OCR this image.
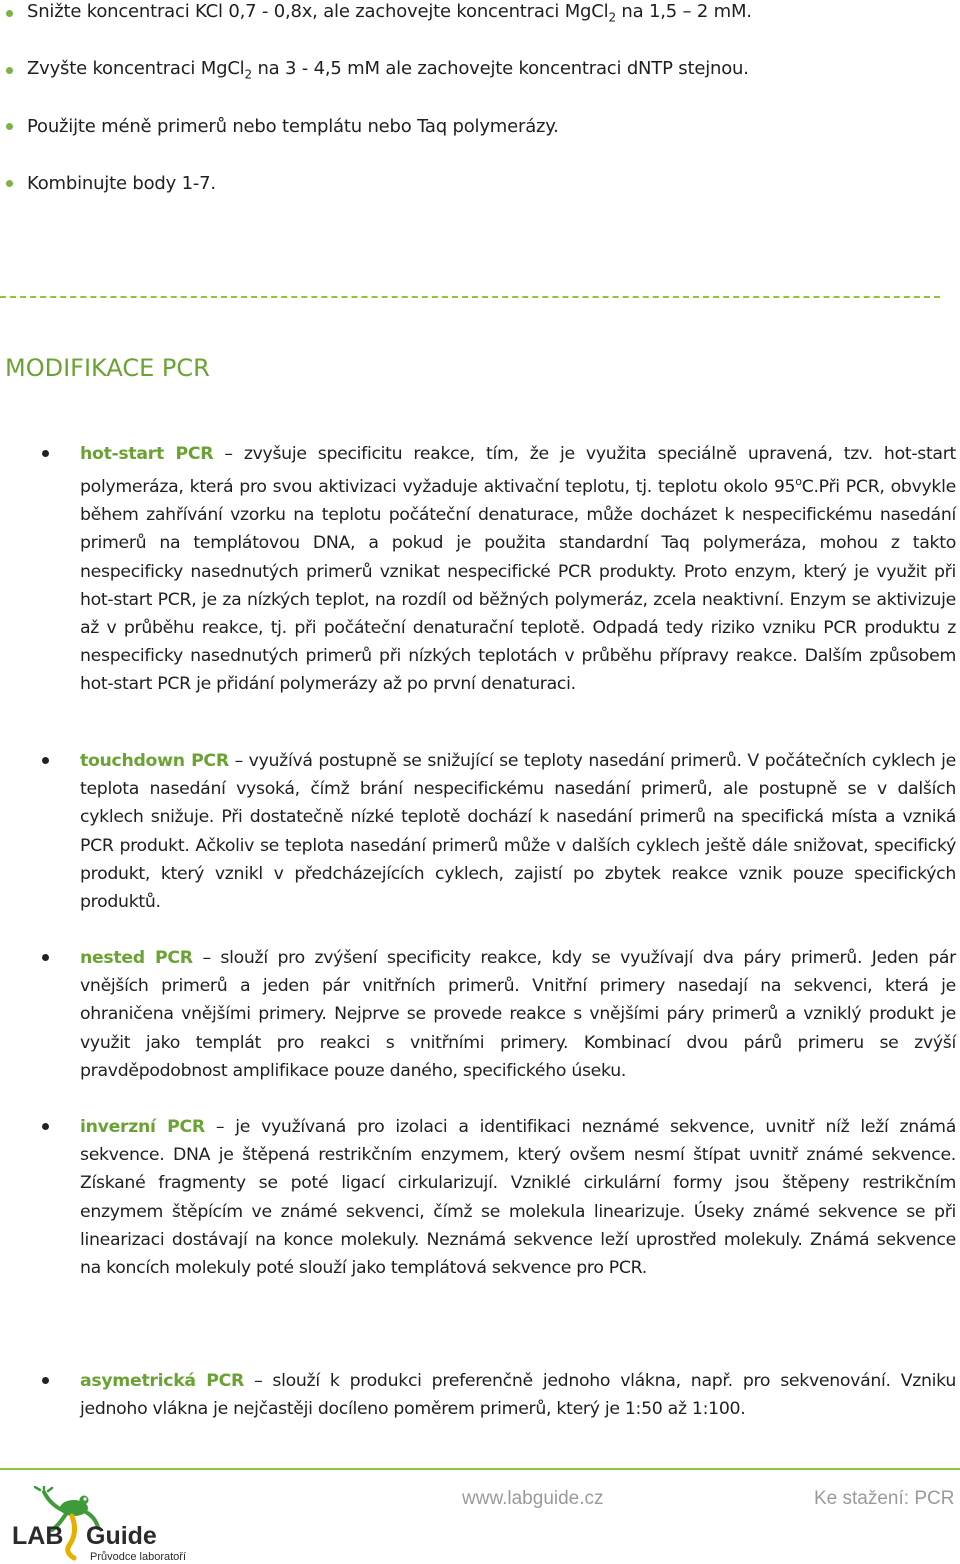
Snižte koncentraci KCl 0,7 - 0,8x, ale zachovejte koncentraci MgCl$_2$ na 1,5 – 2 mM.
Zvyšte koncentraci MgCl$_2$ na 3 - 4,5 mM ale zachovejte koncentraci dNTP stejnou.
Použijte méně primerů nebo templátu nebo Taq polymerázy.
Kombinujte body 1-7.
MODIFIKACE PCR
hot-start PCR – zvyšuje specificitu reakce, tím, že je využita speciálně upravená, tzv. hot-start polymeráza, která pro svou aktivizaci vyžaduje aktivační teplotu, tj. teplotu okolo 95$^o$C.Při PCR, obvykle během zahřívání vzorku na teplotu počáteční denaturace, může docházet k nespecifickému nasedání primerů na templátovou DNA, a pokud je použita standardní Taq polymeráza, mohou z takto nespecificky nasednutých primerů vznikat nespecifické PCR produkty. Proto enzym, který je využit při hot-start PCR, je za nízkých teplot, na rozdíl od běžných polymeráz, zcela neaktivní. Enzym se aktivizuje až v průběhu reakce, tj. při počáteční denaturační teplotě. Odpadá tedy riziko vzniku PCR produktu z nespecificky nasednutých primerů při nízkých teplotách v průběhu přípravy reakce. Dalším způsobem hot-start PCR je přidání polymerázy až po první denaturaci.
touchdown PCR – využívá postupně se snižující se teploty nasedání primerů. V počátečních cyklech je teplota nasedání vysoká, čímž brání nespecifickému nasedání primerů, ale postupně se v dalších cyklech snižuje. Při dostatečně nízké teplotě dochází k nasedání primerů na specifická místa a vzniká PCR produkt. Ačkoliv se teplota nasedání primerů může v dalších cyklech ještě dále snižovat, specifický produkt, který vznikl v předcházejících cyklech, zajistí po zbytek reakce vznik pouze specifických produktů.
nested PCR – slouží pro zvýšení specificity reakce, kdy se využívají dva páry primerů. Jeden pár vnějších primerů a jeden pár vnitřních primerů. Vnitřní primery nasedají na sekvenci, která je ohraničena vnějšími primery. Nejprve se provede reakce s vnějšími páry primerů a vzniklý produkt je využit jako templát pro reakci s vnitřními primery. Kombinací dvou párů primeru se zvýší pravděpodobnost amplifikace pouze daného, specifického úseku.
inverzní PCR – je využívaná pro izolaci a identifikaci neznámé sekvence, uvnitř níž leží známá sekvence. DNA je štěpená restrikčním enzymem, který ovšem nesmí štípat uvnitř známé sekvence. Získané fragmenty se poté ligací cirkularizují. Vzniklé cirkulární formy jsou štěpeny restrikčním enzymem štěpícím ve známé sekvenci, čímž se molekula linearizuje. Úseky známé sekvence se při linearizaci dostávají na konce molekuly. Neznámá sekvence leží uprostřed molekuly. Známá sekvence na koncích molekuly poté slouží jako templátová sekvence pro PCR.
asymetrická PCR – slouží k produkci preferenčně jednoho vlákna, např. pro sekvenování. Vzniku jednoho vlákna je nejčastěji docíleno poměrem primerů, který je 1:50 až 1:100.
LAB Guide
Průvodce laboratoří
www.labguide.cz	Ke stažení: PCR
